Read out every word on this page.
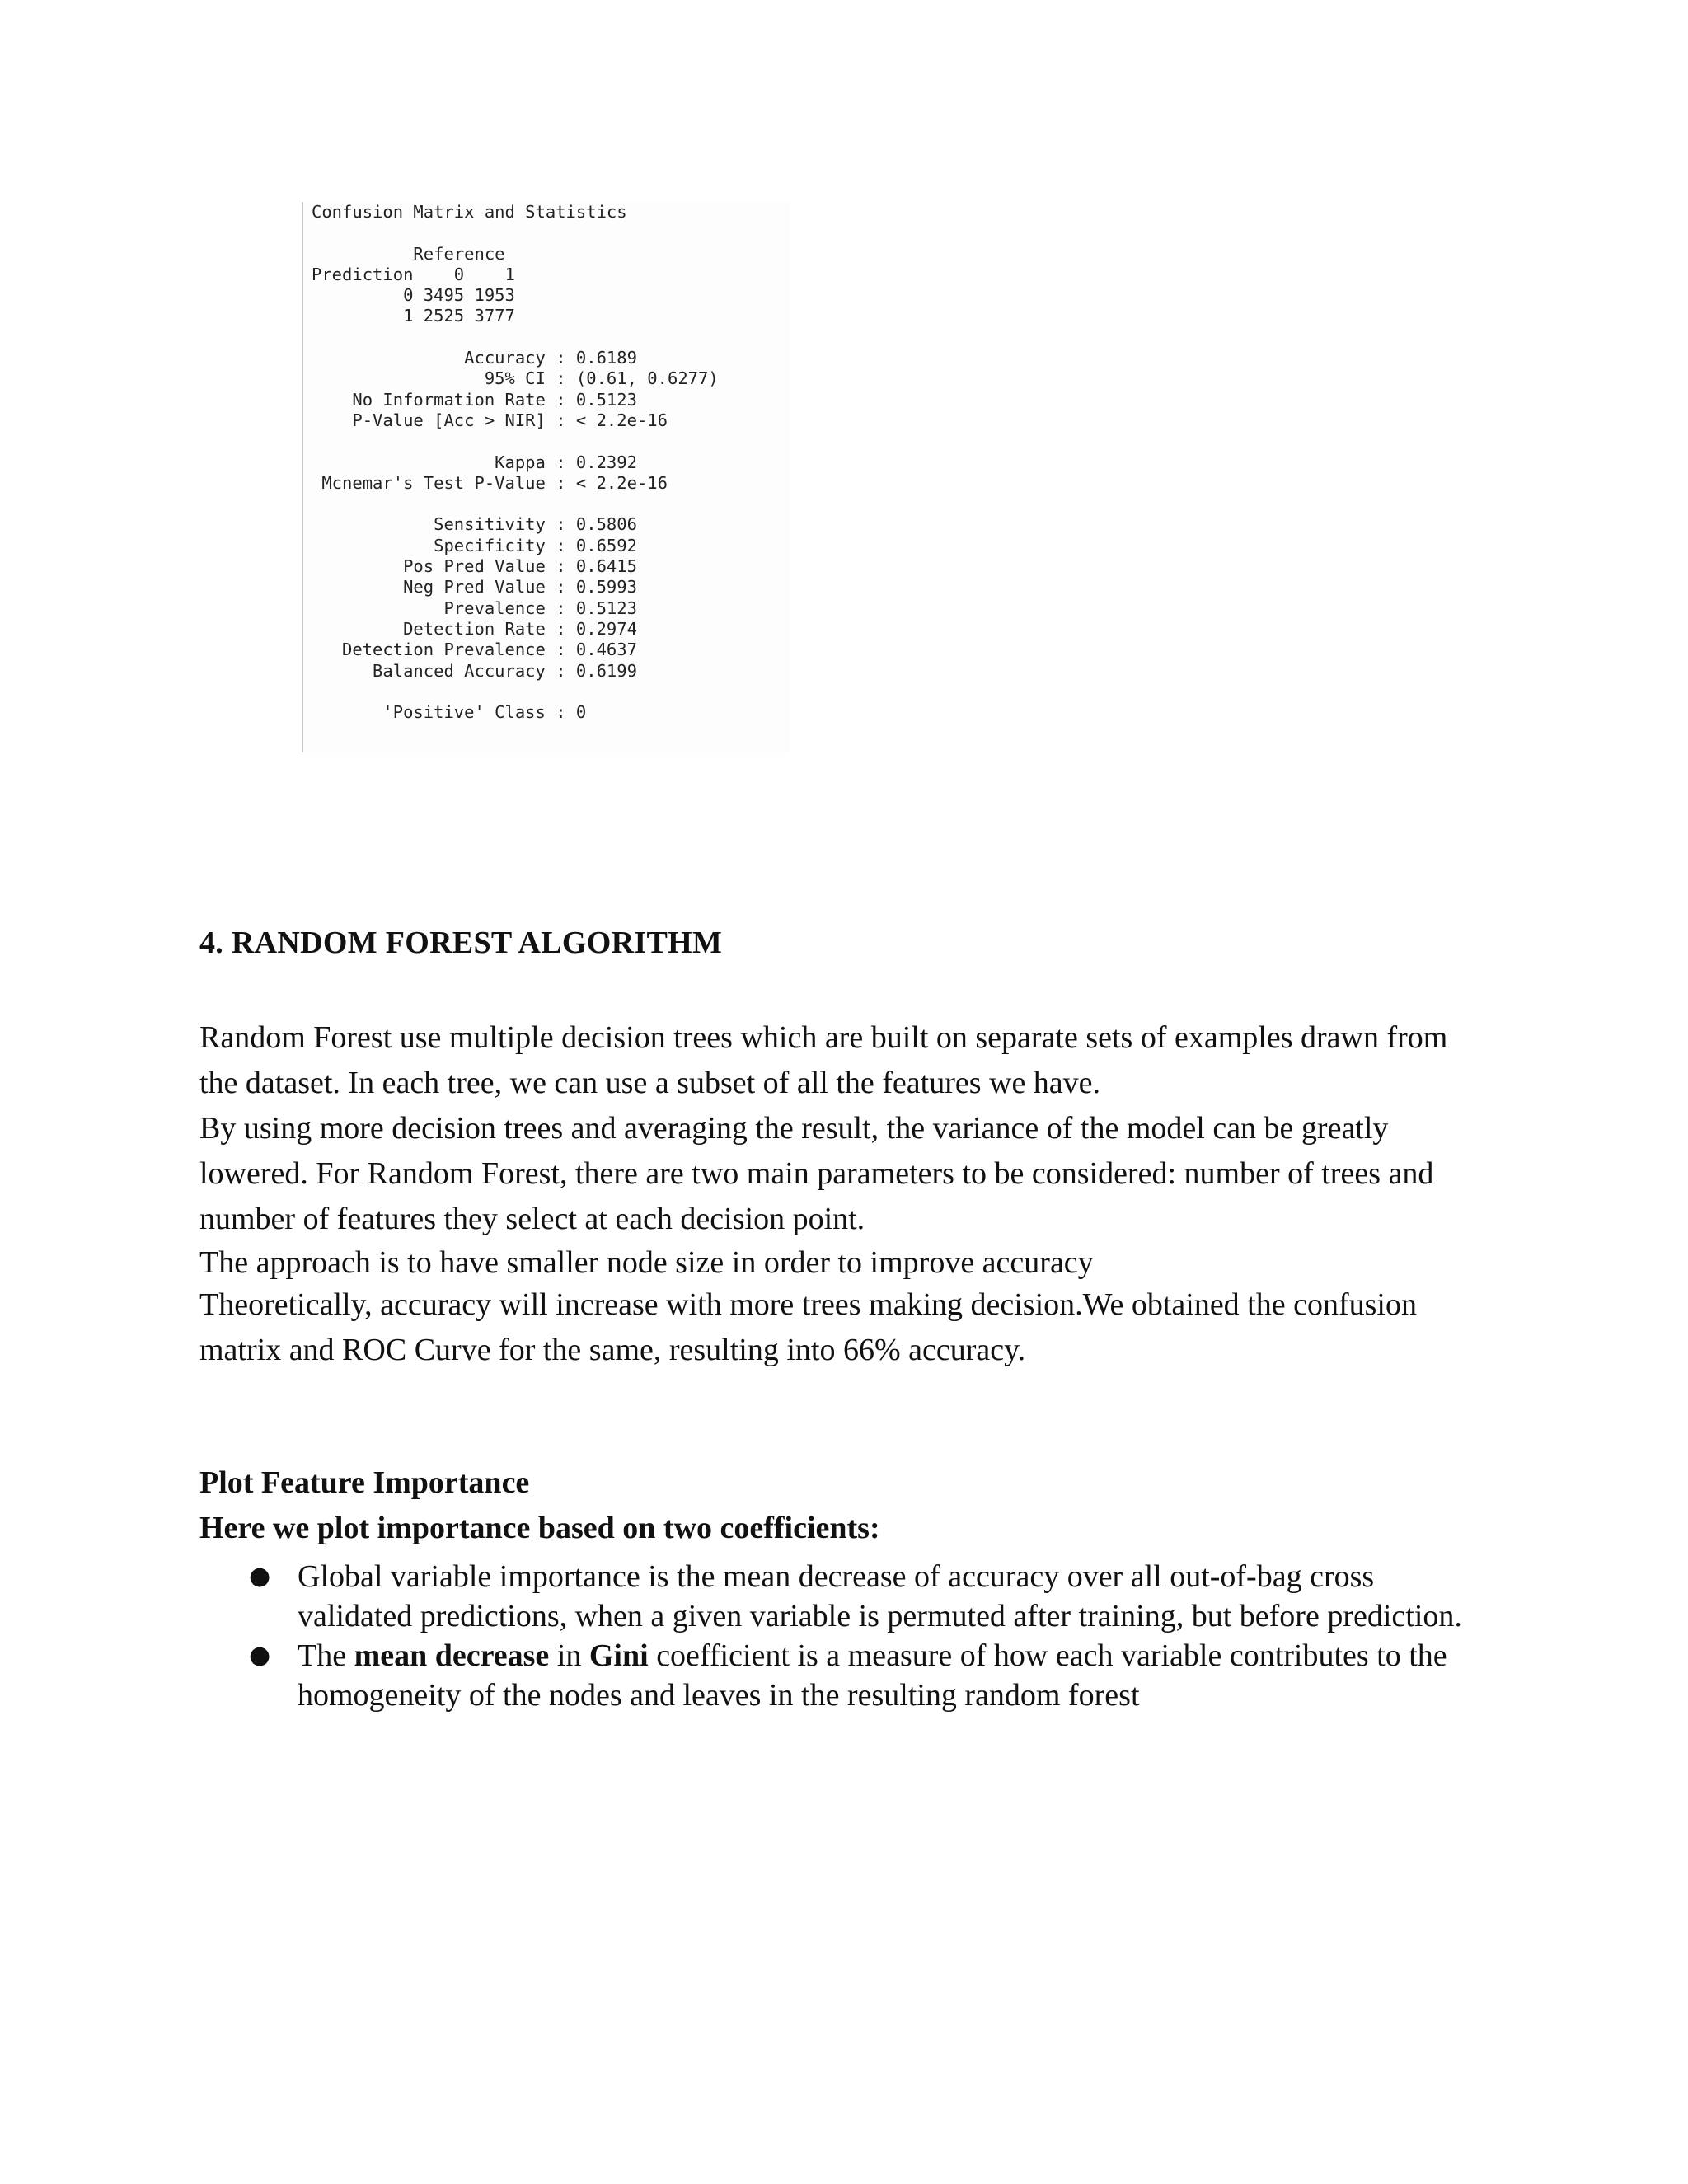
Confusion Matrix and Statistics
Reference
Prediction    0    1
0 3495 1953
1 2525 3777
Accuracy : 0.6189
95% CI : (0.61, 0.6277)
No Information Rate : 0.5123
P-Value [Acc > NIR] : < 2.2e-16
Kappa : 0.2392
Mcnemar's Test P-Value : < 2.2e-16
Sensitivity : 0.5806
Specificity : 0.6592
Pos Pred Value : 0.6415
Neg Pred Value : 0.5993
Prevalence : 0.5123
Detection Rate : 0.2974
Detection Prevalence : 0.4637
Balanced Accuracy : 0.6199
'Positive' Class : 0
4. RANDOM FOREST ALGORITHM

Random Forest use multiple decision trees which are built on separate sets of examples drawn from the dataset. In each tree, we can use a subset of all the features we have.

By using more decision trees and averaging the result, the variance of the model can be greatly lowered. For Random Forest, there are two main parameters to be considered: number of trees and number of features they select at each decision point.

The approach is to have smaller node size in order to improve accuracy

Theoretically, accuracy will increase with more trees making decision.We obtained the confusion matrix and ROC Curve for the same, resulting into 66% accuracy.

Plot Feature Importance
Here we plot importance based on two coefficients:
● Global variable importance is the mean decrease of accuracy over all out-of-bag cross validated predictions, when a given variable is permuted after training, but before prediction.
● The mean decrease in Gini coefficient is a measure of how each variable contributes to the homogeneity of the nodes and leaves in the resulting random forest
